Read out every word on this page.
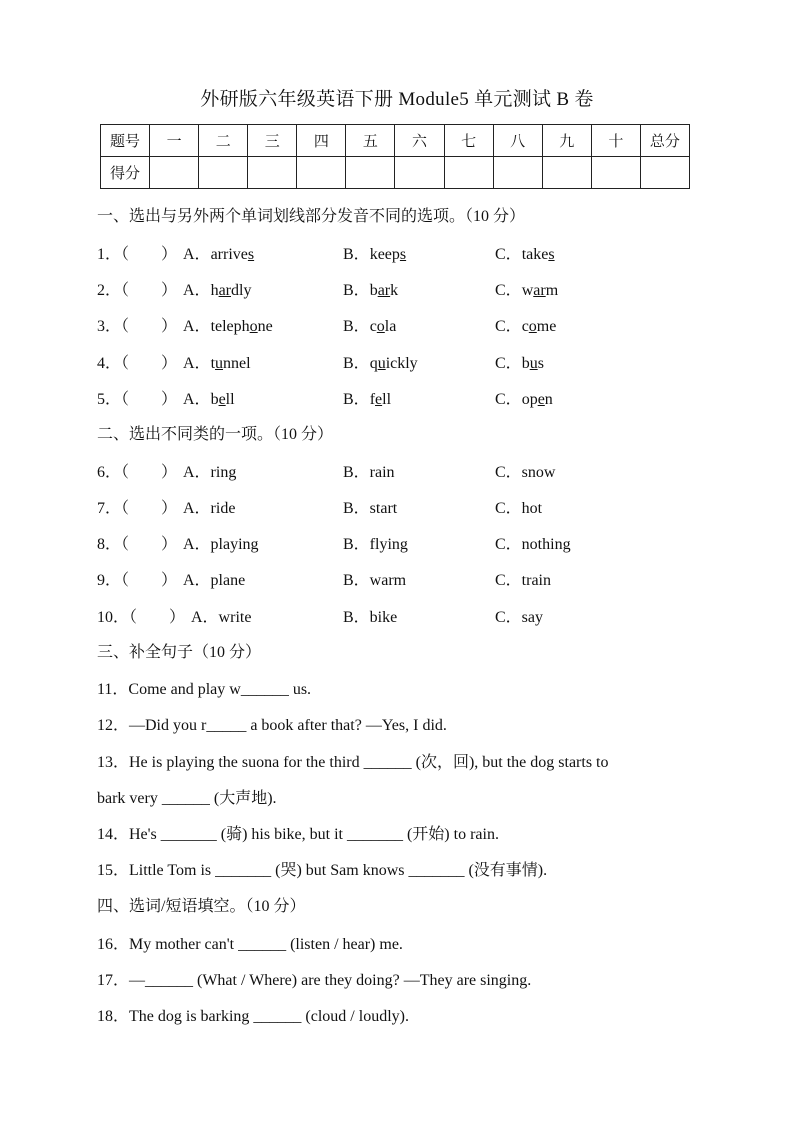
外研版六年级英语下册 Module5 单元测试 B 卷
题号	一	二	三	四	五	六	七	八	九	十	总分
得分											
一、选出与另外两个单词划线部分发音不同的选项。（10 分）
1．（　　） A．arrives	B．keeps	C．takes
2．（　　） A．hardly	B．bark	C．warm
3．（　　） A．telephone	B．cola	C．come
4．（　　） A．tunnel	B．quickly	C．bus
5．（　　） A．bell	B．fell	C．open
二、选出不同类的一项。（10 分）
6．（　　） A．ring	B．rain	C．snow
7．（　　） A．ride	B．start	C．hot
8．（　　） A．playing	B．flying	C．nothing
9．（　　） A．plane	B．warm	C．train
10．（　　） A．write	B．bike	C．say
三、补全句子（10 分）
11．Come and play w______ us.
12．—Did you r_____ a book after that? —Yes, I did.
13．He is playing the suona for the third ______ (次，回), but the dog starts to
bark very ______ (大声地).
14．He's _______ (骑) his bike, but it _______ (开始) to rain.
15．Little Tom is _______ (哭) but Sam knows _______ (没有事情).
四、选词/短语填空。（10 分）
16．My mother can't ______ (listen / hear) me.
17．—______ (What / Where) are they doing? —They are singing.
18．The dog is barking ______ (cloud / loudly).
